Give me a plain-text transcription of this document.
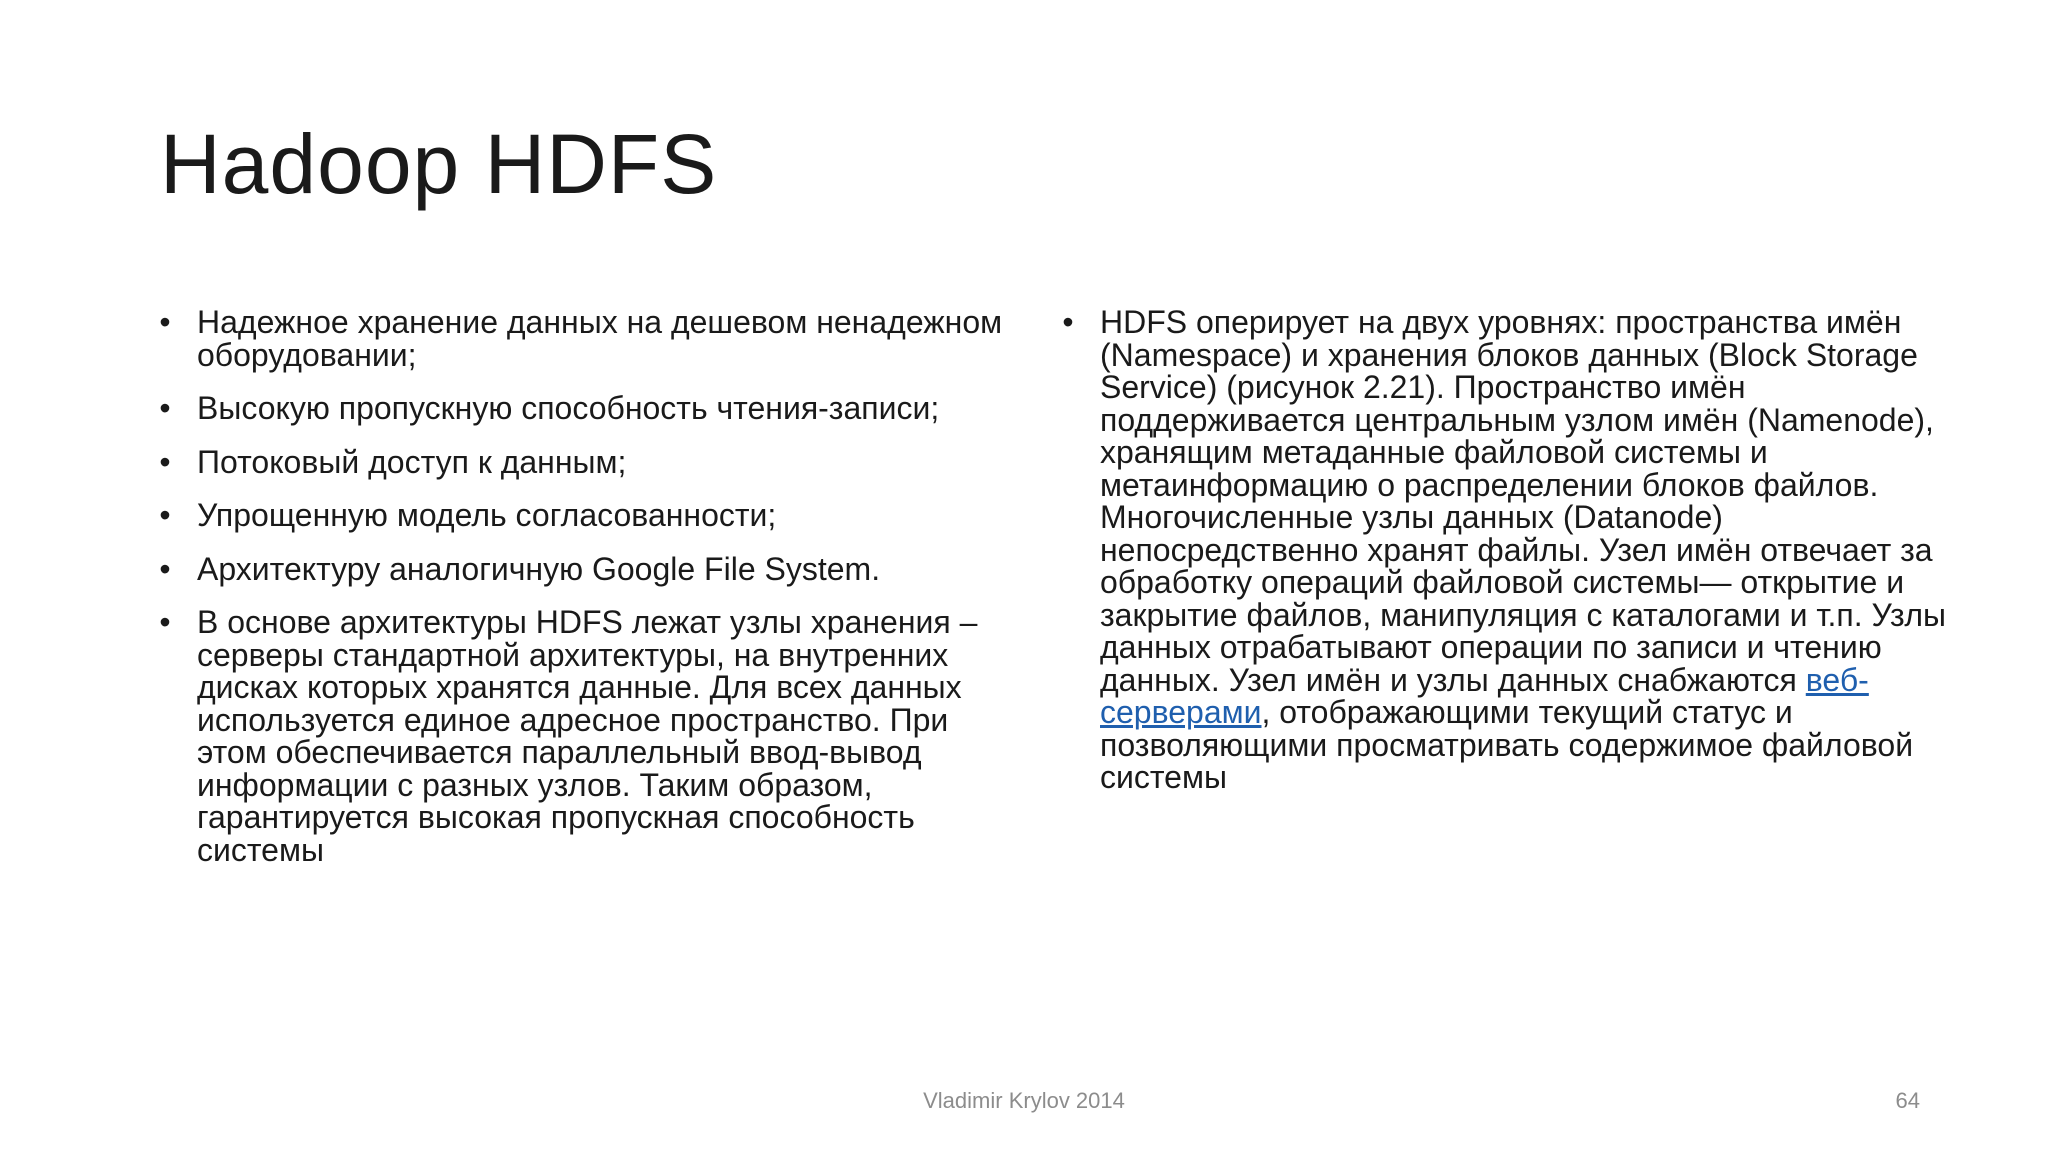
Hadoop HDFS
• Надежное хранение данных на дешевом ненадежном оборудовании;
• Высокую пропускную способность чтения-записи;
• Потоковый доступ к данным;
• Упрощенную модель согласованности;
• Архитектуру аналогичную Google File System.
• В основе архитектуры HDFS лежат узлы хранения – серверы стандартной архитектуры, на внутренних дисках которых хранятся данные. Для всех данных используется единое адресное пространство. При этом обеспечивается параллельный ввод-вывод информации с разных узлов. Таким образом, гарантируется высокая пропускная способность системы
• HDFS оперирует на двух уровнях: пространства имён (Namespace) и хранения блоков данных (Block Storage Service) (рисунок 2.21). Пространство имён поддерживается центральным узлом имён (Namenode), хранящим метаданные файловой системы и метаинформацию о распределении блоков файлов. Многочисленные узлы данных (Datanode) непосредственно хранят файлы. Узел имён отвечает за обработку операций файловой системы— открытие и закрытие файлов, манипуляция с каталогами и т.п. Узлы данных отрабатывают операции по записи и чтению данных. Узел имён и узлы данных снабжаются веб-серверами, отображающими текущий статус и позволяющими просматривать содержимое файловой системы
Vladimir Krylov 2014	64
